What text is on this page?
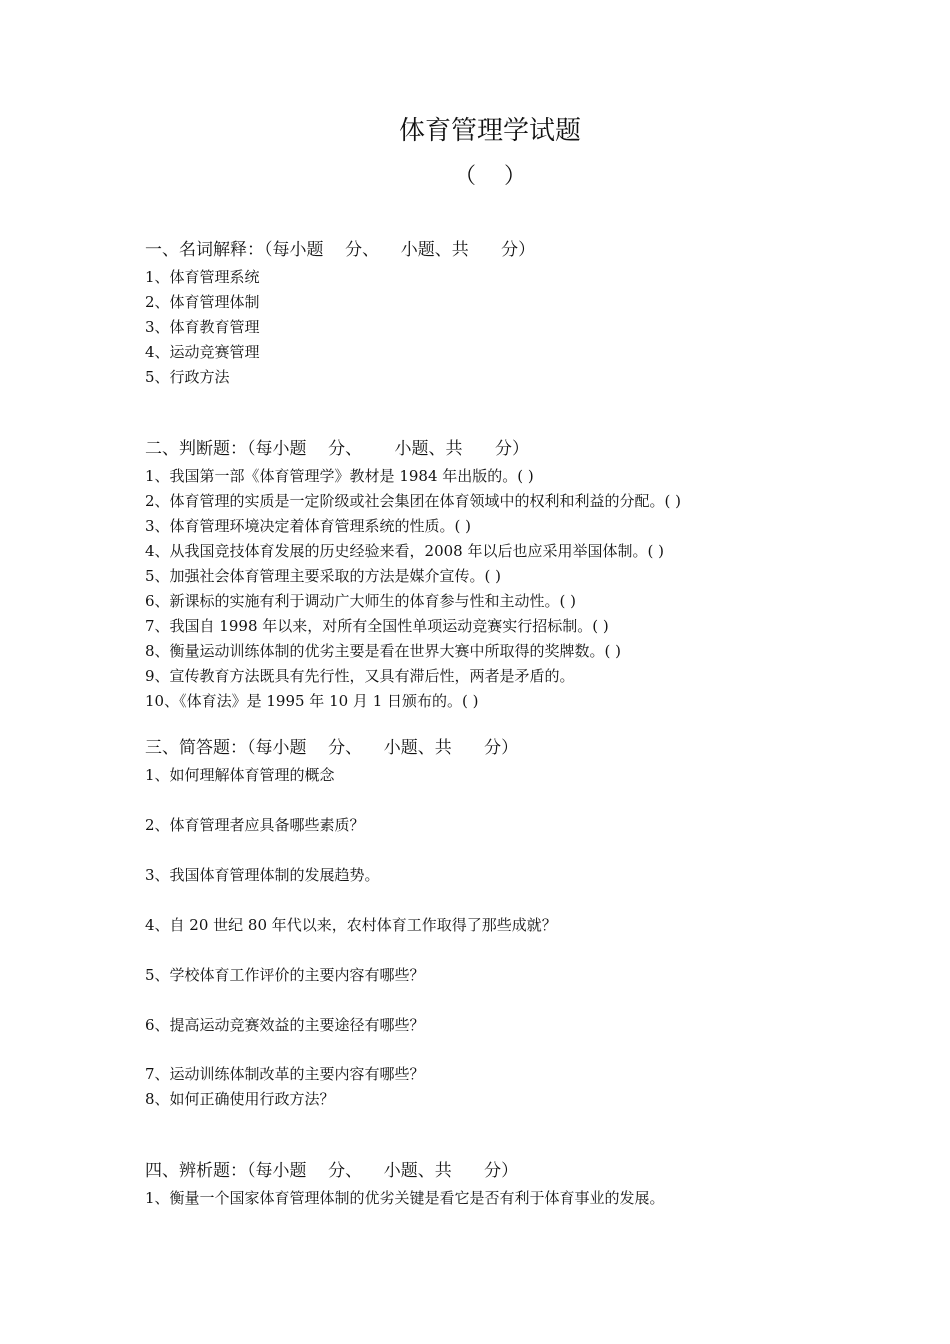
体育管理学试题
（    ）
一、名词解释：（每小题    分、    小题、共      分）
1、体育管理系统
2、体育管理体制
3、体育教育管理
4、运动竞赛管理
5、行政方法
二、判断题：（每小题    分、      小题、共      分）
1、我国第一部《体育管理学》教材是 1984 年出版的。( )
2、体育管理的实质是一定阶级或社会集团在体育领域中的权利和利益的分配。( )
3、体育管理环境决定着体育管理系统的性质。( )
4、从我国竞技体育发展的历史经验来看，2008 年以后也应采用举国体制。( )
5、加强社会体育管理主要采取的方法是媒介宣传。( )
6、新课标的实施有利于调动广大师生的体育参与性和主动性。( )
7、我国自 1998 年以来，对所有全国性单项运动竞赛实行招标制。( )
8、衡量运动训练体制的优劣主要是看在世界大赛中所取得的奖牌数。( )
9、宣传教育方法既具有先行性，又具有滞后性，两者是矛盾的。
10、《体育法》是 1995 年 10 月 1 日颁布的。( )
三、简答题：（每小题    分、    小题、共      分）
1、如何理解体育管理的概念
2、体育管理者应具备哪些素质？
3、我国体育管理体制的发展趋势。
4、自 20 世纪 80 年代以来，农村体育工作取得了那些成就？
5、学校体育工作评价的主要内容有哪些？
6、提高运动竞赛效益的主要途径有哪些？
7、运动训练体制改革的主要内容有哪些？
8、如何正确使用行政方法？
四、辨析题：（每小题    分、    小题、共      分）
1、衡量一个国家体育管理体制的优劣关键是看它是否有利于体育事业的发展。
